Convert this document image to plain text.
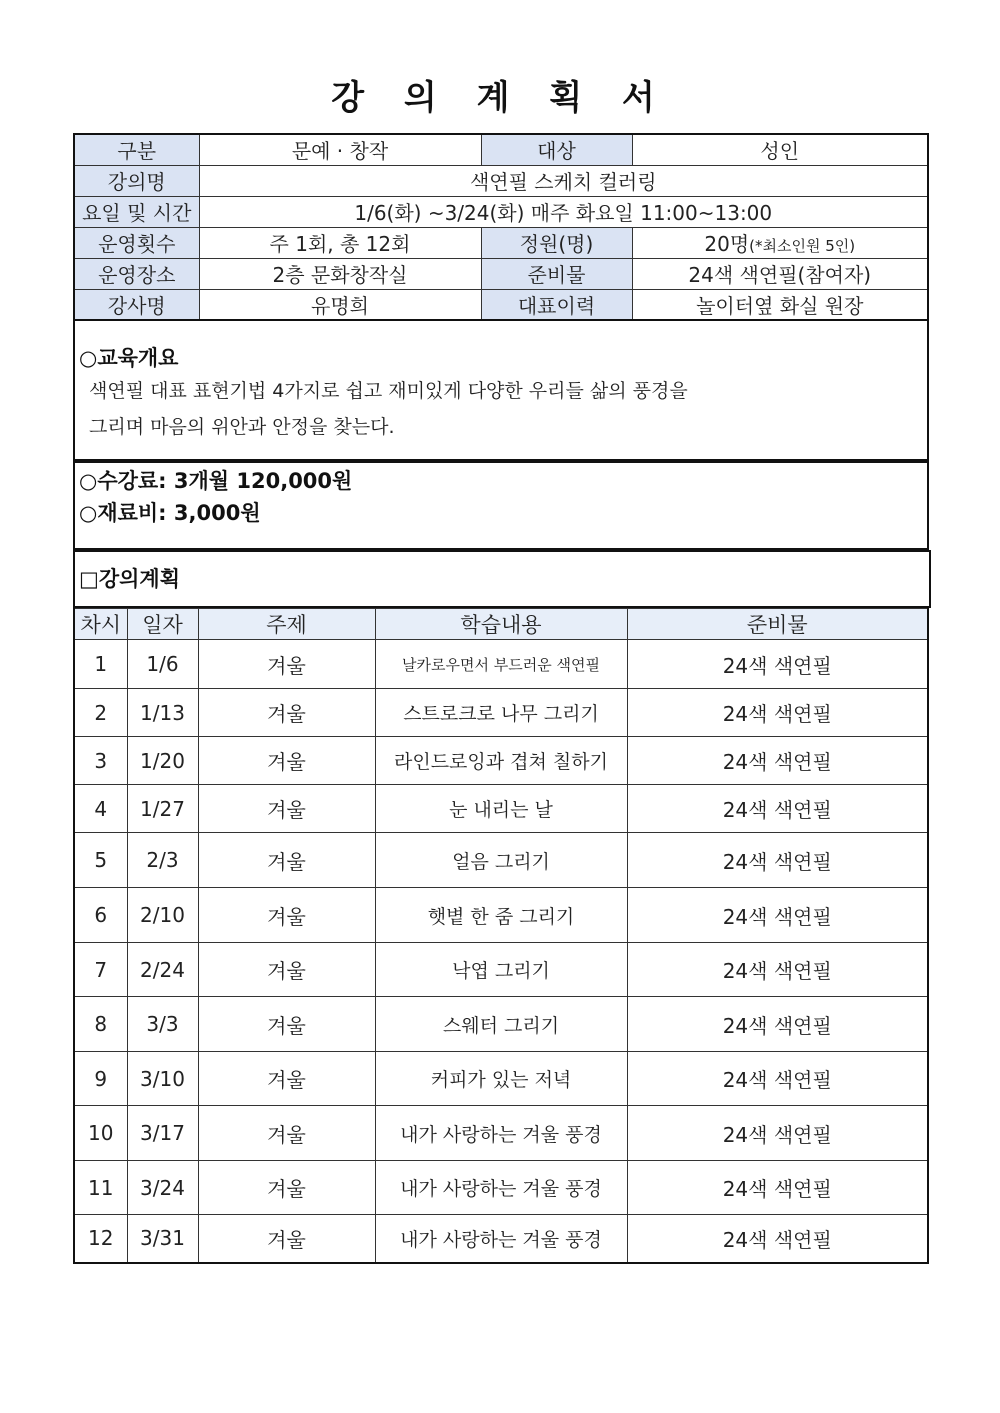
강 의 계 획 서
구분	문예 · 창작	대상	성인
강의명	색연필 스케치 컬러링		
요일 및 시간	1/6(화) ~3/24(화) 매주 화요일 11:00~13:00		
운영횟수	주 1회, 총 12회	정원(명)	20명(*최소인원 5인)
운영장소	2층 문화창작실	준비물	24색 색연필(참여자)
강사명	유명희	대표이력	놀이터옆 화실 원장
○교육개요
색연필 대표 표현기법 4가지로 쉽고 재미있게 다양한 우리들 삶의 풍경을
그리며 마음의 위안과 안정을 찾는다.
○수강료: 3개월 120,000원
○재료비: 3,000원
□강의계획
차시	일자	주제	학습내용	준비물
1	1/6	겨울	날카로우면서 부드러운 색연필	24색 색연필
2	1/13	겨울	스트로크로 나무 그리기	24색 색연필
3	1/20	겨울	라인드로잉과 겹쳐 칠하기	24색 색연필
4	1/27	겨울	눈 내리는 날	24색 색연필
5	2/3	겨울	얼음 그리기	24색 색연필
6	2/10	겨울	햇볕 한 줌 그리기	24색 색연필
7	2/24	겨울	낙엽 그리기	24색 색연필
8	3/3	겨울	스웨터 그리기	24색 색연필
9	3/10	겨울	커피가 있는 저녁	24색 색연필
10	3/17	겨울	내가 사랑하는 겨울 풍경	24색 색연필
11	3/24	겨울	내가 사랑하는 겨울 풍경	24색 색연필
12	3/31	겨울	내가 사랑하는 겨울 풍경	24색 색연필
